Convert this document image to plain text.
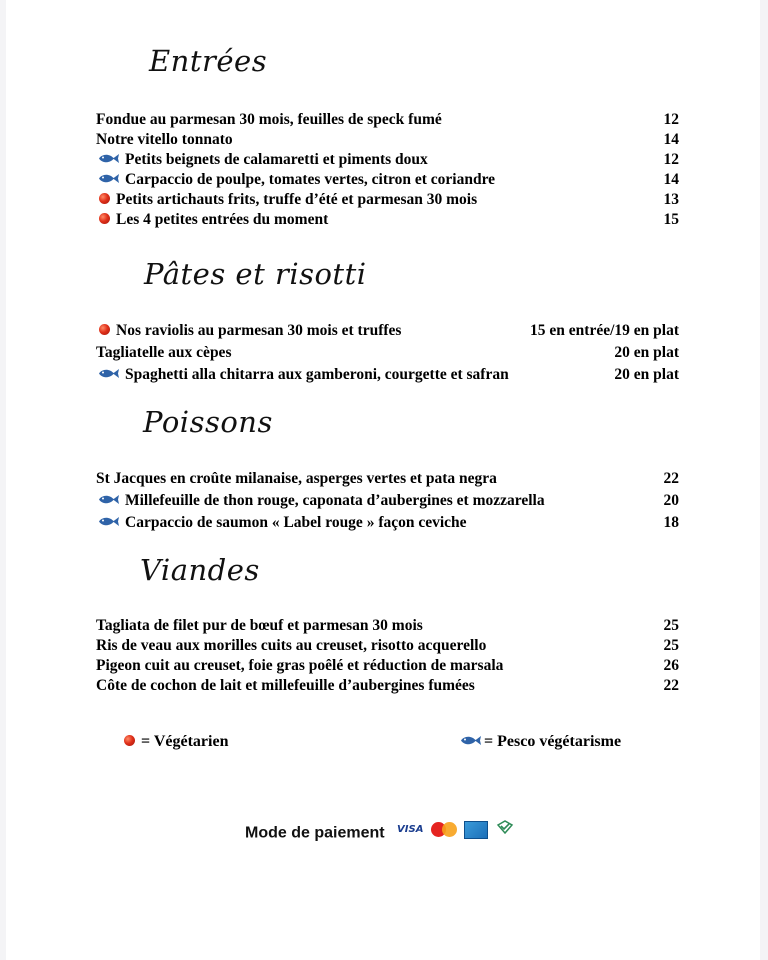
Entrées
Fondue au parmesan 30 mois, feuilles de speck fumé	12
Notre vitello tonnato	14
Petits beignets de calamaretti et piments doux	12
Carpaccio de poulpe, tomates vertes, citron et coriandre	14
Petits artichauts frits, truffe d’été et parmesan 30 mois	13
Les 4 petites entrées du moment	15
Pâtes et risotti
Nos raviolis au parmesan 30 mois et truffes	15 en entrée/19 en plat
Tagliatelle aux cèpes	20 en plat
Spaghetti alla chitarra aux gamberoni, courgette et safran	20 en plat
Poissons
St Jacques en croûte milanaise, asperges vertes et pata negra	22
Millefeuille de thon rouge, caponata d’aubergines et mozzarella	20
Carpaccio de saumon « Label rouge » façon ceviche	18
Viandes
Tagliata de filet pur de bœuf et parmesan 30 mois	25
Ris de veau aux morilles cuits au creuset, risotto acquerello	25
Pigeon cuit au creuset, foie gras poêlé et réduction de marsala	26
Côte de cochon de lait et millefeuille d’aubergines fumées	22
= Végétarien	= Pesco végétarisme
Mode de paiement VISA
